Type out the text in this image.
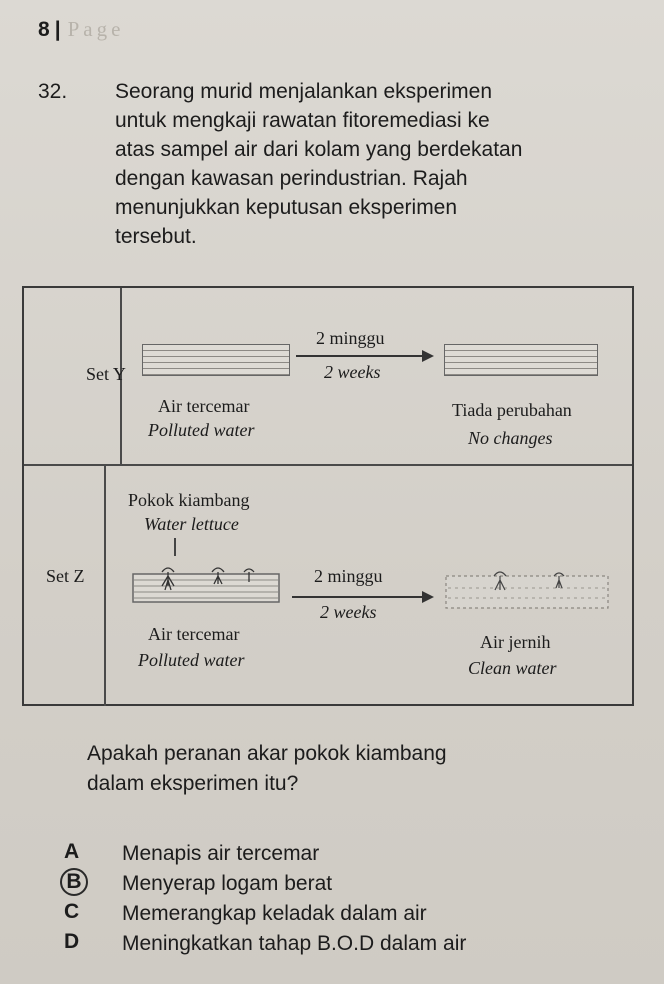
8 | Page
32. Seorang murid menjalankan eksperimen
untuk mengkaji rawatan fitoremediasi ke
atas sampel air dari kolam yang berdekatan
dengan kawasan perindustrian. Rajah
menunjukkan keputusan eksperimen
tersebut.
Set Y
2 minggu
2 weeks
Air tercemar
Polluted water
Tiada perubahan
No changes
Pokok kiambang
Water lettuce
Set Z	2 minggu
2 weeks
Air tercemar
Polluted water
Air jernih
Clean water
Apakah peranan akar pokok kiambang
dalam eksperimen itu?
A Menapis air tercemar
B	Menyerap logam berat
C Memerangkap keladak dalam air
D Meningkatkan tahap B.O.D dalam air
